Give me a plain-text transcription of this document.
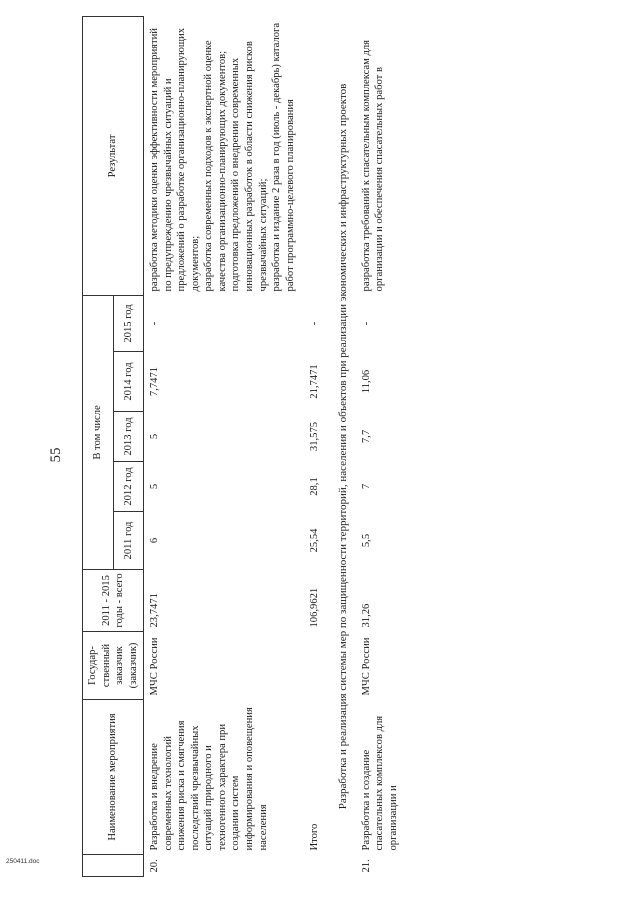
55
	Наименование мероприятия	Государ-ственный заказчик (заказчик)	2011 - 2015 годы - всего	В том числе					Результат
				2011 год	2012 год	2013 год	2014 год	2015 год	
20.	Разработка и внедрение современных технологий снижения риска и смягчения последствий чрезвычайных ситуаций природного и техногенного характера при создании систем информирования и оповещения населения	МЧС России	23,7471	6	5	5	7,7471	-	разработка методики оценки эффективности мероприятий по предупреждению чрезвычайных ситуаций и предложений о разработке организационно-планирующих документов;
разработка современных подходов к экспертной оценке качества организационно-планирующих документов;
подготовка предложений о внедрении современных инновационных разработок в области снижения рисков чрезвычайных ситуаций;
разработка и издание 2 раза в год (июль - декабрь) каталога работ программно-целевого планирования
	Итого		106,9621	25,54	28,1	31,575	21,7471	-	
Разработка и реализация системы мер по защищенности территорий, населения и объектов при реализации экономических и инфраструктурных проектов									
21.	Разработка и создание спасательных комплексов для организации и	МЧС России	31,26	5,5	7	7,7	11,06	-	разработка требований к спасательным комплексам для организации и обеспечения спасательных работ в
250411.doc
